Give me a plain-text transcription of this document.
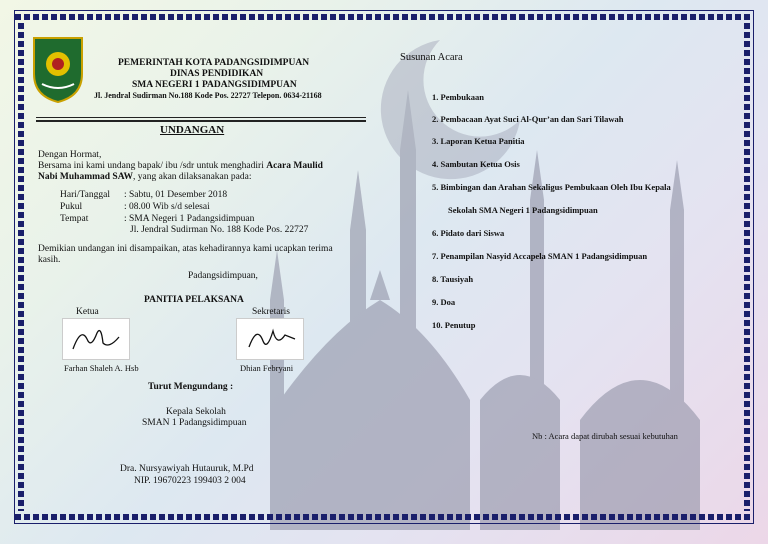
PEMERINTAH KOTA PADANGSIDIMPUAN
DINAS PENDIDIKAN
SMA NEGERI 1 PADANGSIDIMPUAN
Jl. Jendral Sudirman No.188 Kode Pos. 22727 Telepon. 0634-21168
UNDANGAN
Dengan Hormat,
Bersama ini kami undang bapak/ ibu /sdr untuk menghadiri Acara Maulid
Nabi Muhammad SAW, yang akan dilaksanakan pada:
Hari/Tanggal : Sabtu, 01 Desember 2018
Pukul	: 08.00 Wib s/d selesai
Tempat	: SMA Negeri 1 Padangsidimpuan
Jl. Jendral Sudirman No. 188 Kode Pos. 22727
Demikian undangan ini disampaikan, atas kehadirannya kami ucapkan terima
kasih.
Padangsidimpuan,
PANITIA PELAKSANA
Ketua	Sekretaris
Farhan Shaleh A. Hsb	Dhian Febryani
Turut Mengundang :
Kepala Sekolah
SMAN 1 Padangsidimpuan
Dra. Nursyawiyah Hutauruk, M.Pd
NIP. 19670223 199403 2 004
Susunan Acara
1. Pembukaan
2. Pembacaan Ayat Suci Al-Qur’an dan Sari Tilawah
3. Laporan Ketua Panitia
4. Sambutan Ketua Osis
5. Bimbingan dan Arahan Sekaligus Pembukaan Oleh Ibu Kepala
Sekolah SMA Negeri 1 Padangsidimpuan
6. Pidato dari Siswa
7. Penampilan Nasyid Accapela SMAN 1 Padangsidimpuan
8. Tausiyah
9. Doa
10. Penutup
Nb : Acara dapat dirubah sesuai kebutuhan
